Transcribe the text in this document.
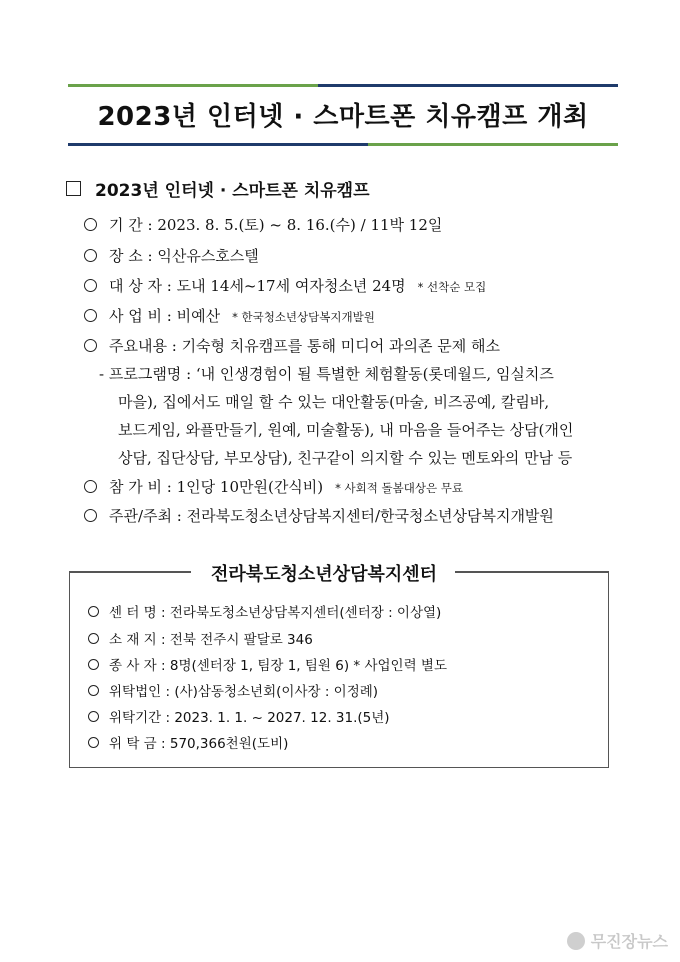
2023년 인터넷 · 스마트폰 치유캠프 개최
2023년 인터넷 · 스마트폰 치유캠프
기 간 : 2023. 8. 5.(토) ~ 8. 16.(수) / 11박 12일
장 소 : 익산유스호스텔
대 상 자 : 도내 14세~17세 여자청소년 24명 * 선착순 모집
사 업 비 : 비예산 * 한국청소년상담복지개발원
주요내용 : 기숙형 치유캠프를 통해 미디어 과의존 문제 해소
- 프로그램명 : ‘내 인생경험이 될 특별한 체험활동(롯데월드, 임실치즈
마을), 집에서도 매일 할 수 있는 대안활동(마술, 비즈공예, 칼림바,
보드게임, 와플만들기, 원예, 미술활동), 내 마음을 들어주는 상담(개인
상담, 집단상담, 부모상담), 친구같이 의지할 수 있는 멘토와의 만남 등
참 가 비 : 1인당 10만원(간식비) * 사회적 돌봄대상은 무료
주관/주최 : 전라북도청소년상담복지센터/한국청소년상담복지개발원
전라북도청소년상담복지센터
센 터 명 : 전라북도청소년상담복지센터(센터장 : 이상열)
소 재 지 : 전북 전주시 팔달로 346
종 사 자 : 8명(센터장 1, 팀장 1, 팀원 6) * 사업인력 별도
위탁법인 : (사)삼동청소년회(이사장 : 이정례)
위탁기간 : 2023. 1. 1. ~ 2027. 12. 31.(5년)
위 탁 금 : 570,366천원(도비)
무진장뉴스
